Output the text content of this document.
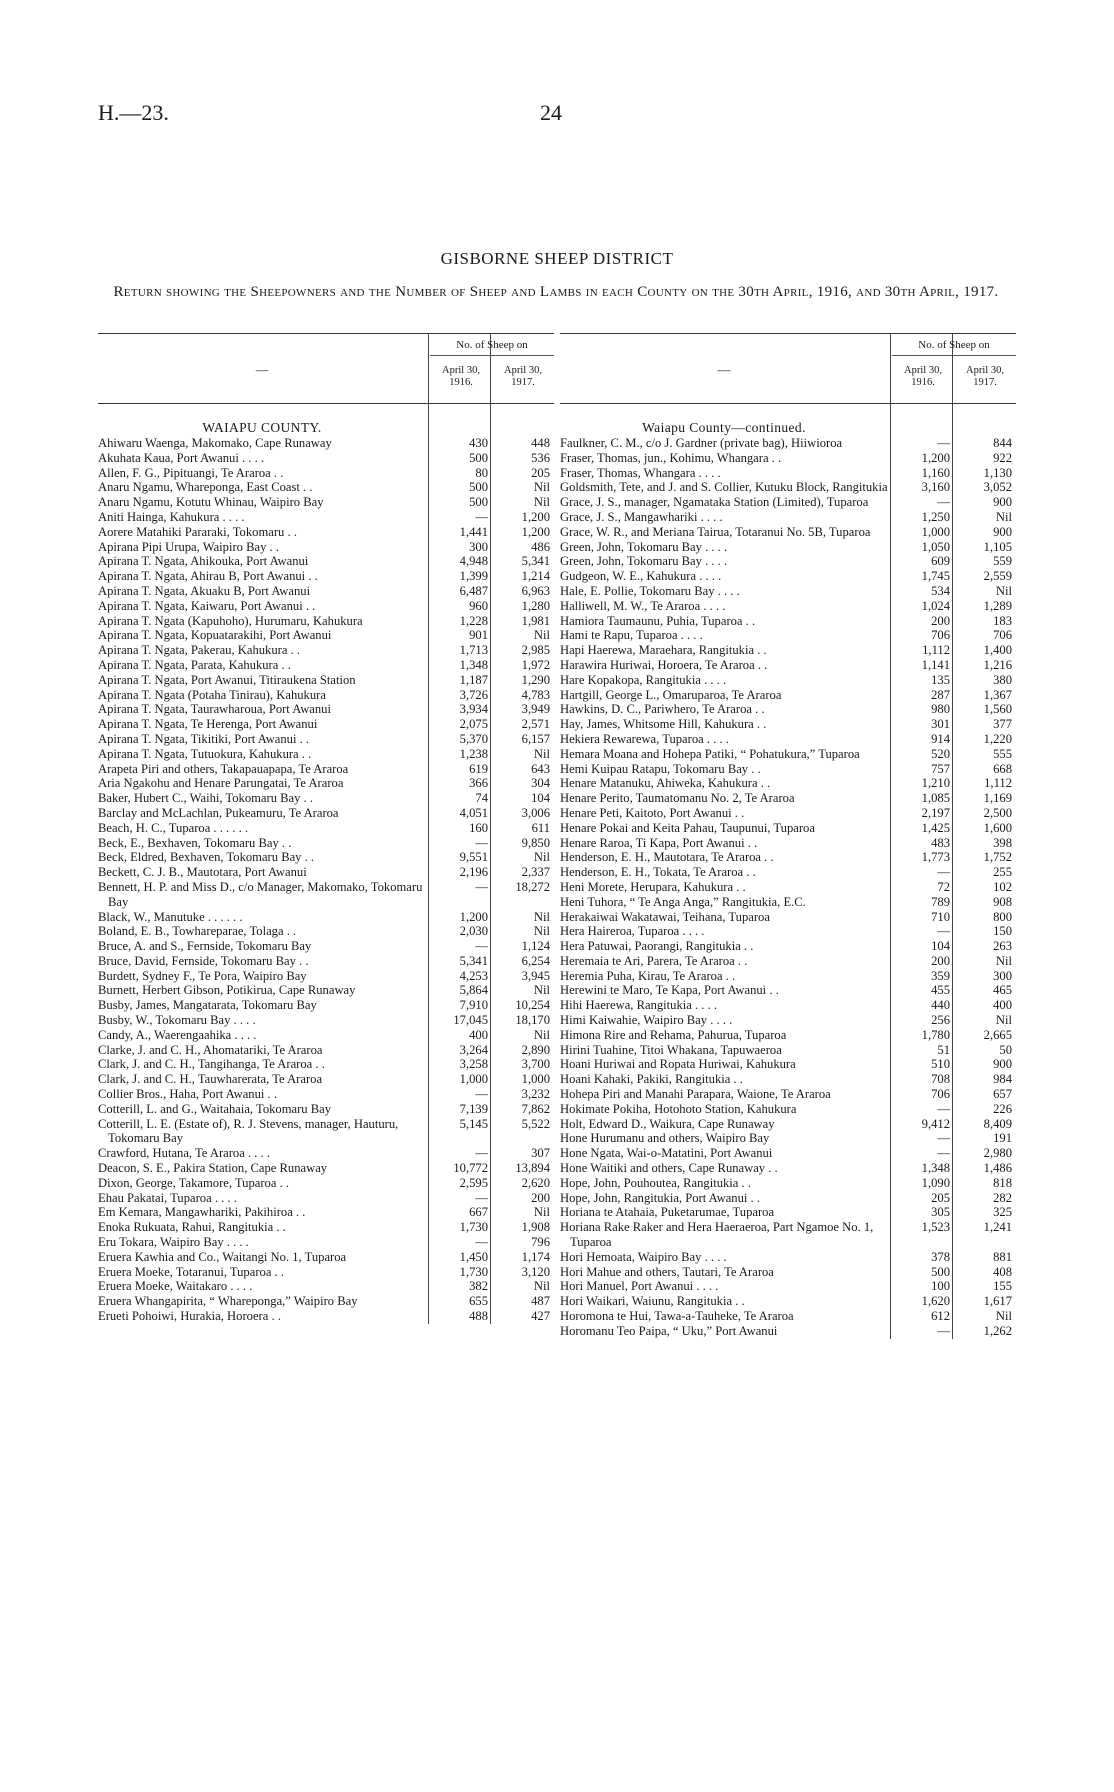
H.—23.	24
GISBORNE SHEEP DISTRICT
Return showing the Sheepowners and the Number of Sheep and Lambs in each County on the 30th April, 1916, and 30th April, 1917.
—
No. of Sheep on
April 30, 1916.
April 30, 1917.
WAIAPU COUNTY.
Ahiwaru Waenga, Makomako, Cape Runaway	430	448
Akuhata Kaua, Port Awanui . . . .	500	536
Allen, F. G., Pipituangi, Te Araroa . .	80	205
Anaru Ngamu, Whareponga, East Coast . .	500	Nil
Anaru Ngamu, Kotutu Whinau, Waipiro Bay	500	Nil
Aniti Hainga, Kahukura . . . .	—	1,200
Aorere Matahiki Pararaki, Tokomaru . .	1,441	1,200
Apirana Pipi Urupa, Waipiro Bay . .	300	486
Apirana T. Ngata, Ahikouka, Port Awanui	4,948	5,341
Apirana T. Ngata, Ahirau B, Port Awanui . .	1,399	1,214
Apirana T. Ngata, Akuaku B, Port Awanui	6,487	6,963
Apirana T. Ngata, Kaiwaru, Port Awanui . .	960	1,280
Apirana T. Ngata (Kapuhoho), Hurumaru, Kahukura	1,228	1,981
Apirana T. Ngata, Kopuatarakihi, Port Awanui	901	Nil
Apirana T. Ngata, Pakerau, Kahukura . .	1,713	2,985
Apirana T. Ngata, Parata, Kahukura . .	1,348	1,972
Apirana T. Ngata, Port Awanui, Titiraukena Station	1,187	1,290
Apirana T. Ngata (Potaha Tinirau), Kahukura	3,726	4,783
Apirana T. Ngata, Taurawharoua, Port Awanui	3,934	3,949
Apirana T. Ngata, Te Herenga, Port Awanui	2,075	2,571
Apirana T. Ngata, Tikitiki, Port Awanui . .	5,370	6,157
Apirana T. Ngata, Tutuokura, Kahukura . .	1,238	Nil
Arapeta Piri and others, Takapauapapa, Te Araroa	619	643
Aria Ngakohu and Henare Parungatai, Te Araroa	366	304
Baker, Hubert C., Waihi, Tokomaru Bay . .	74	104
Barclay and McLachlan, Pukeamuru, Te Araroa	4,051	3,006
Beach, H. C., Tuparoa . . . . . .	160	611
Beck, E., Bexhaven, Tokomaru Bay . .	—	9,850
Beck, Eldred, Bexhaven, Tokomaru Bay . .	9,551	Nil
Beckett, C. J. B., Mautotara, Port Awanui	2,196	2,337
Bennett, H. P. and Miss D., c/o Manager, Makomako, Tokomaru Bay
—	18,272
Black, W., Manutuke . . . . . .	1,200	Nil
Boland, E. B., Towhareparae, Tolaga . .	2,030	Nil
Bruce, A. and S., Fernside, Tokomaru Bay	—	1,124
Bruce, David, Fernside, Tokomaru Bay . .	5,341	6,254
Burdett, Sydney F., Te Pora, Waipiro Bay	4,253	3,945
Burnett, Herbert Gibson, Potikirua, Cape Runaway	5,864	Nil
Busby, James, Mangatarata, Tokomaru Bay	7,910	10,254
Busby, W., Tokomaru Bay . . . .	17,045	18,170
Candy, A., Waerengaahika . . . .	400	Nil
Clarke, J. and C. H., Ahomatariki, Te Araroa	3,264	2,890
Clark, J. and C. H., Tangihanga, Te Araroa . .	3,258	3,700
Clark, J. and C. H., Tauwharerata, Te Araroa	1,000	1,000
Collier Bros., Haha, Port Awanui . .	—	3,232
Cotterill, L. and G., Waitahaia, Tokomaru Bay	7,139	7,862
Cotterill, L. E. (Estate of), R. J. Stevens, manager, Hauturu, Tokomaru Bay
5,145	5,522
Crawford, Hutana, Te Araroa . . . .	—	307
Deacon, S. E., Pakira Station, Cape Runaway	10,772	13,894
Dixon, George, Takamore, Tuparoa . .	2,595	2,620
Ehau Pakatai, Tuparoa . . . .	—	200
Em Kemara, Mangawhariki, Pakihiroa . .	667	Nil
Enoka Rukuata, Rahui, Rangitukia . .	1,730	1,908
Eru Tokara, Waipiro Bay . . . .	—	796
Eruera Kawhia and Co., Waitangi No. 1, Tuparoa	1,450	1,174
Eruera Moeke, Totaranui, Tuparoa . .	1,730	3,120
Eruera Moeke, Waitakaro . . . .	382	Nil
Eruera Whangapirita, “ Whareponga,” Waipiro Bay	655	487
Erueti Pohoiwi, Hurakia, Horoera . .	488	427
—
No. of Sheep on
April 30, 1916.
April 30, 1917.
Waiapu County—continued.
Faulkner, C. M., c/o J. Gardner (private bag), Hiiwioroa	—	844
Fraser, Thomas, jun., Kohimu, Whangara . .	1,200	922
Fraser, Thomas, Whangara . . . .	1,160	1,130
Goldsmith, Tete, and J. and S. Collier, Kutuku Block, Rangitukia	3,160	3,052
Grace, J. S., manager, Ngamataka Station (Limited), Tuparoa	—	900
Grace, J. S., Mangawhariki . . . .	1,250	Nil
Grace, W. R., and Meriana Tairua, Totaranui No. 5B, Tuparoa	1,000	900
Green, John, Tokomaru Bay . . . .	1,050	1,105
Green, John, Tokomaru Bay . . . .	609	559
Gudgeon, W. E., Kahukura . . . .	1,745	2,559
Hale, E. Pollie, Tokomaru Bay . . . .	534	Nil
Halliwell, M. W., Te Araroa . . . .	1,024	1,289
Hamiora Taumaunu, Puhia, Tuparoa . .	200	183
Hami te Rapu, Tuparoa . . . .	706	706
Hapi Haerewa, Maraehara, Rangitukia . .	1,112	1,400
Harawira Huriwai, Horoera, Te Araroa . .	1,141	1,216
Hare Kopakopa, Rangitukia . . . .	135	380
Hartgill, George L., Omaruparoa, Te Araroa	287	1,367
Hawkins, D. C., Pariwhero, Te Araroa . .	980	1,560
Hay, James, Whitsome Hill, Kahukura . .	301	377
Hekiera Rewarewa, Tuparoa . . . .	914	1,220
Hemara Moana and Hohepa Patiki, “ Pohatukura,” Tuparoa	520	555
Hemi Kuipau Ratapu, Tokomaru Bay . .	757	668
Henare Matanuku, Ahiweka, Kahukura . .	1,210	1,112
Henare Perito, Taumatomanu No. 2, Te Araroa	1,085	1,169
Henare Peti, Kaitoto, Port Awanui . .	2,197	2,500
Henare Pokai and Keita Pahau, Taupunui, Tuparoa	1,425	1,600
Henare Raroa, Ti Kapa, Port Awanui . .	483	398
Henderson, E. H., Mautotara, Te Araroa . .	1,773	1,752
Henderson, E. H., Tokata, Te Araroa . .	—	255
Heni Morete, Herupara, Kahukura . .	72	102
Heni Tuhora, “ Te Anga Anga,” Rangitukia, E.C.	789	908
Herakaiwai Wakatawai, Teihana, Tuparoa	710	800
Hera Haireroa, Tuparoa . . . .	—	150
Hera Patuwai, Paorangi, Rangitukia . .	104	263
Heremaia te Ari, Parera, Te Araroa . .	200	Nil
Heremia Puha, Kirau, Te Araroa . .	359	300
Herewini te Maro, Te Kapa, Port Awanui . .	455	465
Hihi Haerewa, Rangitukia . . . .	440	400
Himi Kaiwahie, Waipiro Bay . . . .	256	Nil
Himona Rire and Rehama, Pahurua, Tuparoa	1,780	2,665
Hirini Tuahine, Titoi Whakana, Tapuwaeroa	51	50
Hoani Huriwai and Ropata Huriwai, Kahukura	510	900
Hoani Kahaki, Pakiki, Rangitukia . .	708	984
Hohepa Piri and Manahi Parapara, Waione, Te Araroa	706	657
Hokimate Pokiha, Hotohoto Station, Kahukura	—	226
Holt, Edward D., Waikura, Cape Runaway	9,412	8,409
Hone Hurumanu and others, Waipiro Bay	—	191
Hone Ngata, Wai-o-Matatini, Port Awanui	—	2,980
Hone Waitiki and others, Cape Runaway . .	1,348	1,486
Hope, John, Pouhoutea, Rangitukia . .	1,090	818
Hope, John, Rangitukia, Port Awanui . .	205	282
Horiana te Atahaia, Puketarumae, Tuparoa	305	325
Horiana Rake Raker and Hera Haeraeroa, Part Ngamoe No. 1, Tuparoa
1,523	1,241
Hori Hemoata, Waipiro Bay . . . .	378	881
Hori Mahue and others, Tautari, Te Araroa	500	408
Hori Manuel, Port Awanui . . . .	100	155
Hori Waikari, Waiunu, Rangitukia . .	1,620	1,617
Horomona te Hui, Tawa-a-Tauheke, Te Araroa	612	Nil
Horomanu Teo Paipa, “ Uku,” Port Awanui	—	1,262
